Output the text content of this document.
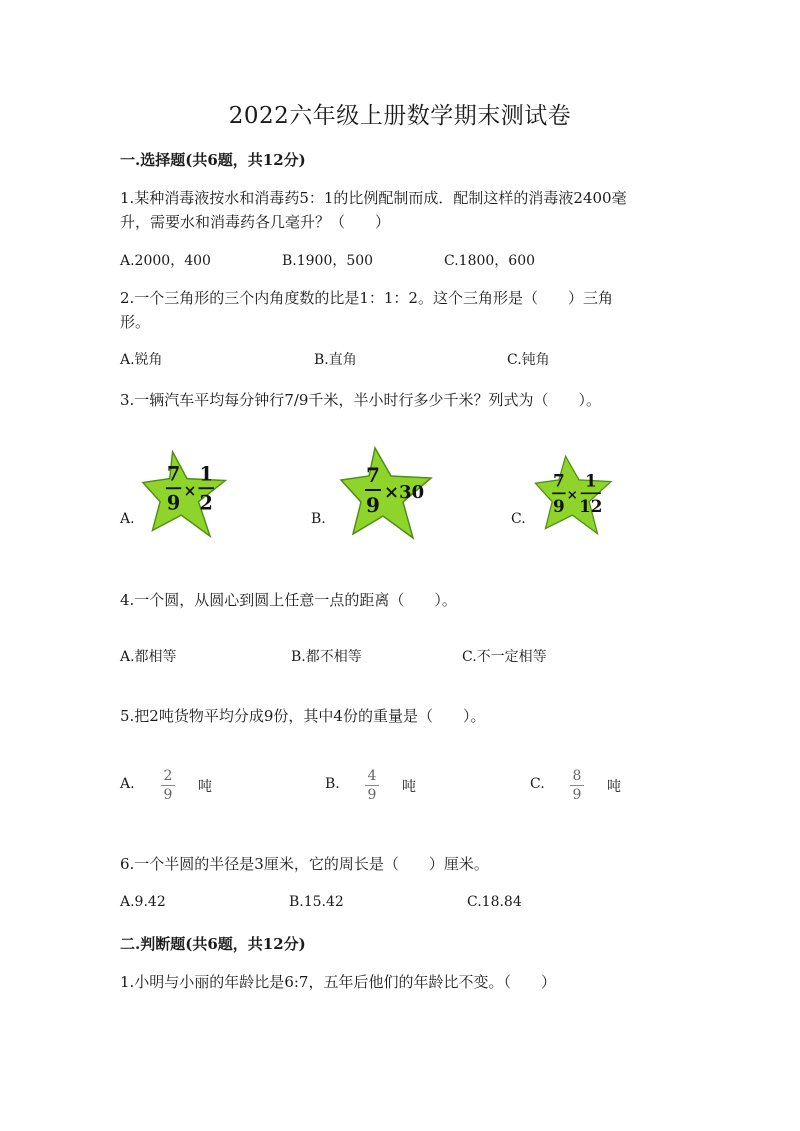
2022六年级上册数学期末测试卷
一.选择题(共6题，共12分)
1.某种消毒液按水和消毒药5：1的比例配制而成．配制这样的消毒液2400毫
升，需要水和消毒药各几毫升？（　　）
A.2000，400	B.1900，500	C.1800，600
2.一个三角形的三个内角度数的比是1：1：2。这个三角形是（　　）三角
形。
A.锐角	B.直角	C.钝角
3.一辆汽车平均每分钟行7/9千米，半小时行多少千米？列式为（　　）。
A.
7
9
×
1
2
B.
7
9
×30
C.
7
9
×
1
12
4.一个圆，从圆心到圆上任意一点的距离（　　）。
A.都相等	B.都不相等	C.不一定相等
5.把2吨货物平均分成9份，其中4份的重量是（　　）。
A.	2
9	吨	B.	4
9	吨	C.	8
9	吨
6.一个半圆的半径是3厘米，它的周长是（　　）厘米。
A.9.42	B.15.42	C.18.84
二.判断题(共6题，共12分)
1.小明与小丽的年龄比是6:7，五年后他们的年龄比不变。（　　）
